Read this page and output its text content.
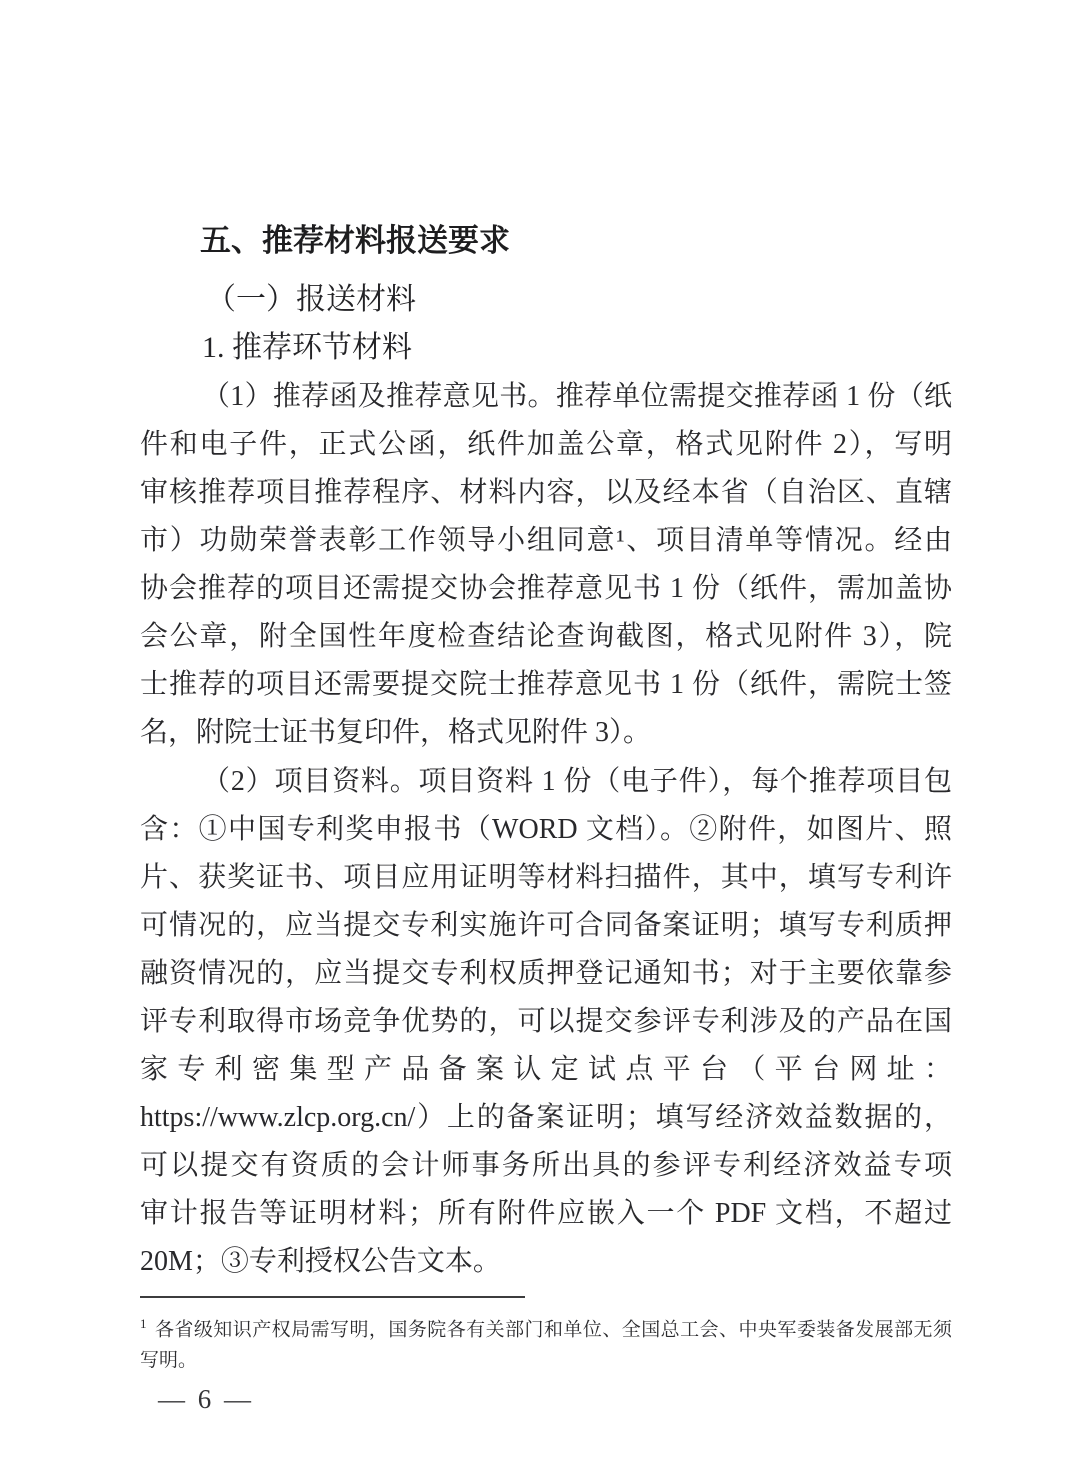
五、推荐材料报送要求
（一）报送材料
1. 推荐环节材料
（1）推荐函及推荐意见书。推荐单位需提交推荐函 1 份（纸
件和电子件，正式公函，纸件加盖公章，格式见附件 2），写明
审核推荐项目推荐程序、材料内容，以及经本省（自治区、直辖
市）功勋荣誉表彰工作领导小组同意¹、项目清单等情况。经由
协会推荐的项目还需提交协会推荐意见书 1 份（纸件，需加盖协
会公章，附全国性年度检查结论查询截图，格式见附件 3），院
士推荐的项目还需要提交院士推荐意见书 1 份（纸件，需院士签
名，附院士证书复印件，格式见附件 3）。
（2）项目资料。项目资料 1 份（电子件），每个推荐项目包
含：①中国专利奖申报书（WORD 文档）。②附件，如图片、照
片、获奖证书、项目应用证明等材料扫描件，其中，填写专利许
可情况的，应当提交专利实施许可合同备案证明；填写专利质押
融资情况的，应当提交专利权质押登记通知书；对于主要依靠参
评专利取得市场竞争优势的，可以提交参评专利涉及的产品在国
家专利密集型产品备案认定试点平台（平台网址：
https://www.zlcp.org.cn/）上的备案证明；填写经济效益数据的，
可以提交有资质的会计师事务所出具的参评专利经济效益专项
审计报告等证明材料；所有附件应嵌入一个 PDF 文档，不超过
20M；③专利授权公告文本。
$^1$ 各省级知识产权局需写明，国务院各有关部门和单位、全国总工会、中央军委装备发展部无须写明。
— 6 —
